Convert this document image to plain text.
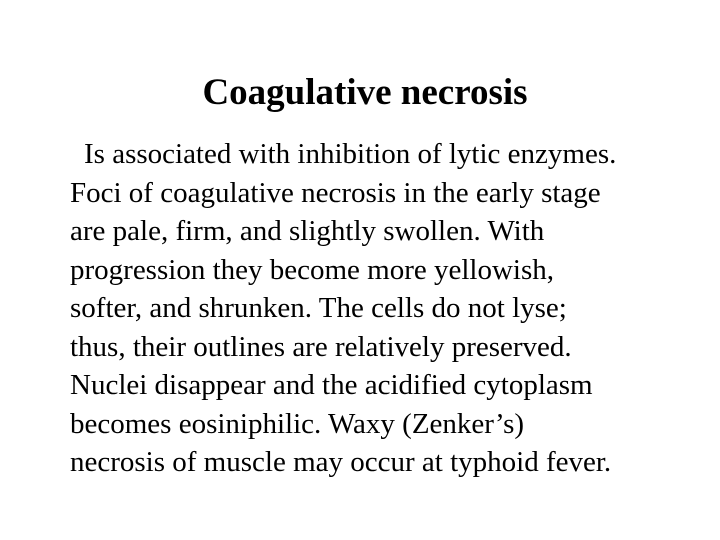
Coagulative necrosis
Is associated with inhibition of lytic enzymes.
Foci of coagulative necrosis in the early stage
are pale, firm, and slightly swollen. With
progression they become more yellowish,
softer, and shrunken. The cells do not lyse;
thus, their outlines are relatively preserved.
Nuclei disappear and the acidified cytoplasm
becomes eosiniphilic. Waxy (Zenker’s)
necrosis of muscle may occur at typhoid fever.
